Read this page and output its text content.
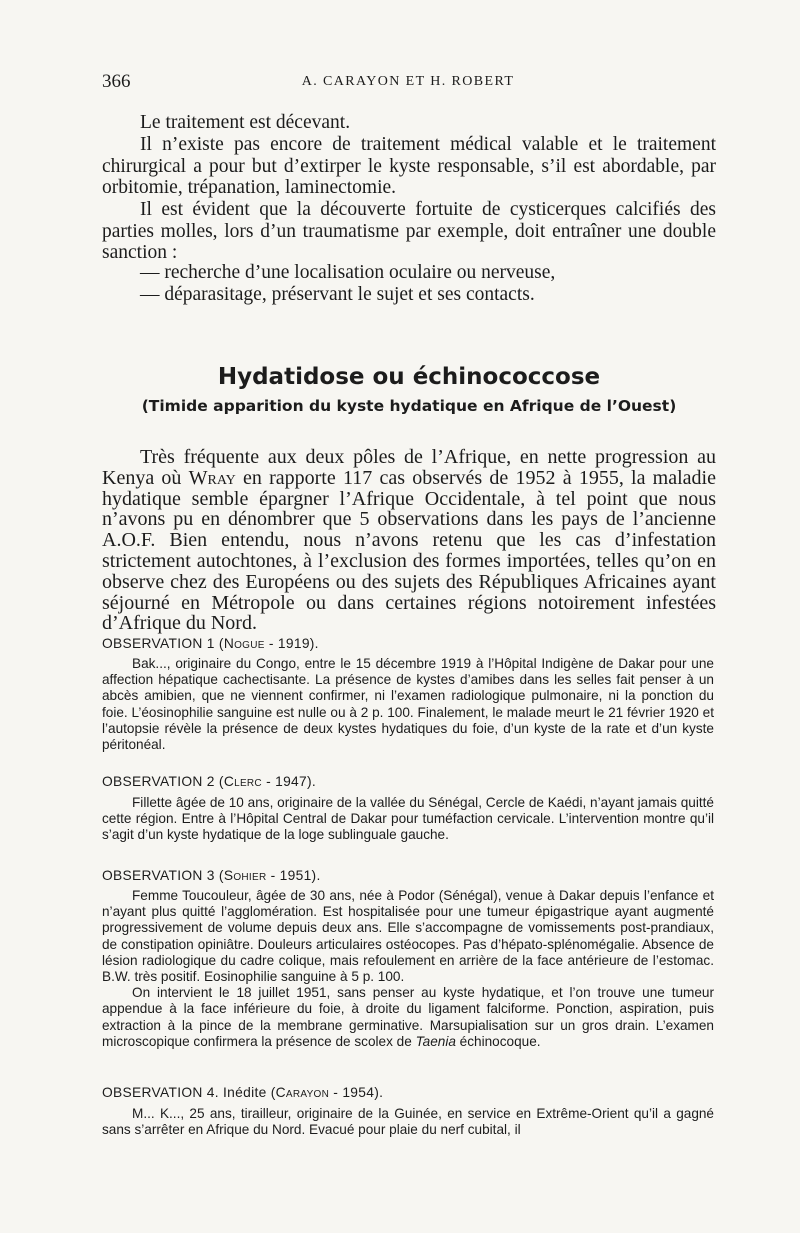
366	A. CARAYON ET H. ROBERT

Le traitement est décevant.

Il n’existe pas encore de traitement médical valable et le traitement chirurgical a pour but d’extirper le kyste responsable, s’il est abordable, par orbitomie, trépanation, laminectomie.

Il est évident que la découverte fortuite de cysticerques calcifiés des parties molles, lors d’un traumatisme par exemple, doit entraîner une double sanction :

— recherche d’une localisation oculaire ou nerveuse,

— déparasitage, préservant le sujet et ses contacts.

Hydatidose ou échinococcose
(Timide apparition du kyste hydatique en Afrique de l’Ouest)

Très fréquente aux deux pôles de l’Afrique, en nette progression au Kenya où Wray en rapporte 117 cas observés de 1952 à 1955, la maladie hydatique semble épargner l’Afrique Occidentale, à tel point que nous n’avons pu en dénombrer que 5 observations dans les pays de l’ancienne A.O.F. Bien entendu, nous n’avons retenu que les cas d’infestation strictement autochtones, à l’exclusion des formes importées, telles qu’on en observe chez des Européens ou des sujets des Républiques Africaines ayant séjourné en Métropole ou dans certaines régions notoirement infestées d’Afrique du Nord.

OBSERVATION 1 (Nogue - 1919).

Bak..., originaire du Congo, entre le 15 décembre 1919 à l’Hôpital Indigène de Dakar pour une affection hépatique cachectisante. La présence de kystes d’amibes dans les selles fait penser à un abcès amibien, que ne viennent confirmer, ni l’examen radiologique pulmonaire, ni la ponction du foie. L’éosinophilie sanguine est nulle ou à 2 p. 100. Finalement, le malade meurt le 21 février 1920 et l’autopsie révèle la présence de deux kystes hydatiques du foie, d’un kyste de la rate et d’un kyste péritonéal.

OBSERVATION 2 (Clerc - 1947).

Fillette âgée de 10 ans, originaire de la vallée du Sénégal, Cercle de Kaédi, n’ayant jamais quitté cette région. Entre à l’Hôpital Central de Dakar pour tuméfaction cervicale. L’intervention montre qu’il s’agit d’un kyste hydatique de la loge sublinguale gauche.

OBSERVATION 3 (Sohier - 1951).

Femme Toucouleur, âgée de 30 ans, née à Podor (Sénégal), venue à Dakar depuis l’enfance et n’ayant plus quitté l’agglomération. Est hospitalisée pour une tumeur épigastrique ayant augmenté progressivement de volume depuis deux ans. Elle s’accompagne de vomissements post-prandiaux, de constipation opiniâtre. Douleurs articulaires ostéocopes. Pas d’hépato-splénomégalie. Absence de lésion radiologique du cadre colique, mais refoulement en arrière de la face antérieure de l’estomac. B.W. très positif. Eosinophilie sanguine à 5 p. 100.
On intervient le 18 juillet 1951, sans penser au kyste hydatique, et l’on trouve une tumeur appendue à la face inférieure du foie, à droite du ligament falciforme. Ponction, aspiration, puis extraction à la pince de la membrane germinative. Marsupialisation sur un gros drain. L’examen microscopique confirmera la présence de scolex de Taenia échinocoque.

OBSERVATION 4. Inédite (Carayon - 1954).

M... K..., 25 ans, tirailleur, originaire de la Guinée, en service en Extrême-Orient qu’il a gagné sans s’arrêter en Afrique du Nord. Evacué pour plaie du nerf cubital, il
